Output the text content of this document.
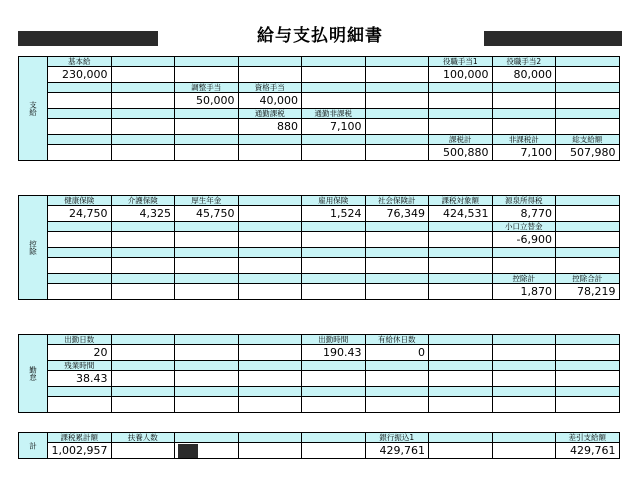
給与支払明細書
支給	基本給						役職手当1	役職手当2	
	230,000						100,000	80,000	
			調整手当	資格手当					
			50,000	40,000					
				通勤課税	通勤非課税				
				880	7,100				
							課税計	非課税計	総支給額
							500,880	7,100	507,980
控除	健康保険	介護保険	厚生年金		雇用保険	社会保険計	課税対象額	源泉所得税	
	24,750	4,325	45,750		1,524	76,349	424,531	8,770	
								小口立替金	
								-6,900	

								控除計	控除合計
								1,870	78,219
勤怠	出勤日数				出勤時間	有給休日数			
	20				190.43	0			
	残業時間								
	38.43								

計	課税累計額	扶養人数				銀行振込1			差引支給額
	1,002,957					429,761			429,761
